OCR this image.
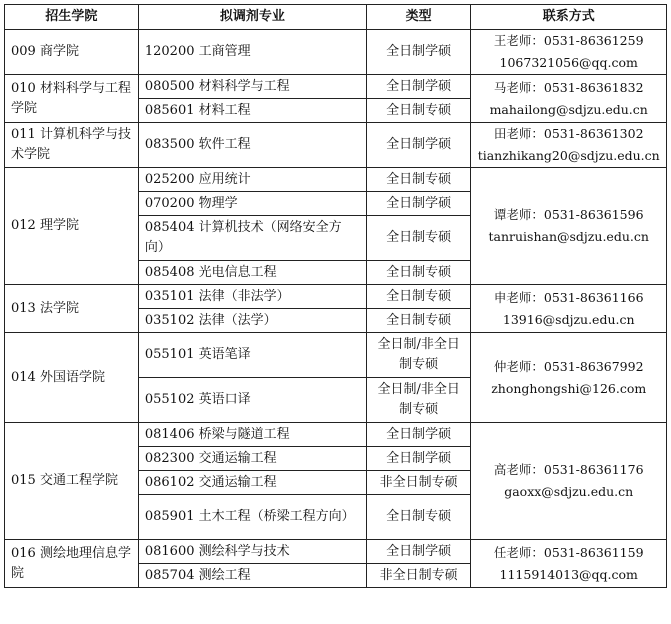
招生学院	拟调剂专业	类型	联系方式
009 商学院	120200 工商管理	全日制学硕	王老师：0531-86361259
1067321056@qq.com

010 材料科学与工程学院	080500 材料科学与工程	全日制学硕	马老师：0531-86361832
mahailong@sdjzu.edu.cn

	085601 材料工程	全日制专硕	
011 计算机科学与技术学院	083500 软件工程	全日制学硕	田老师：0531-86361302
tianzhikang20@sdjzu.edu.cn

012 理学院	025200 应用统计	全日制专硕	谭老师：0531-86361596
tanruishan@sdjzu.edu.cn

	070200 物理学	全日制学硕	
	085404 计算机技术（网络安全方向）	全日制专硕	
	085408 光电信息工程	全日制专硕	
013 法学院	035101 法律（非法学）	全日制专硕	申老师：0531-86361166
13916@sdjzu.edu.cn

	035102 法律（法学）	全日制专硕	
014 外国语学院	055101 英语笔译	全日制/非全日制专硕	仲老师：0531-86367992
zhonghongshi@126.com

	055102 英语口译	全日制/非全日制专硕	
015 交通工程学院	081406 桥梁与隧道工程	全日制学硕	高老师：0531-86361176
gaoxx@sdjzu.edu.cn

	082300 交通运输工程	全日制学硕	
	086102 交通运输工程	非全日制专硕	
	085901 土木工程（桥梁工程方向）	全日制专硕	
016 测绘地理信息学院	081600 测绘科学与技术	全日制学硕	任老师：0531-86361159
1115914013@qq.com

	085704 测绘工程	非全日制专硕	
